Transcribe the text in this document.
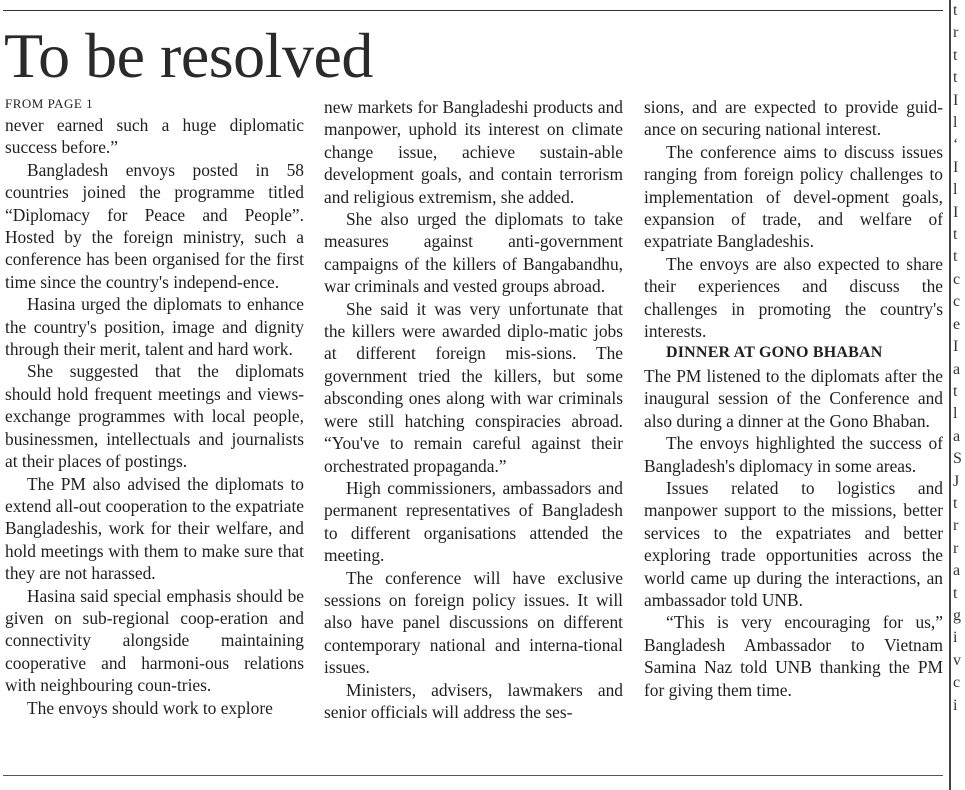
To be resolved
FROM PAGE 1

never earned such a huge diplomatic success before.”

Bangladesh envoys posted in 58 countries joined the programme titled “Diplomacy for Peace and People”. Hosted by the foreign ministry, such a conference has been organised for the first time since the country's independ-ence.

Hasina urged the diplomats to enhance the country's position, image and dignity through their merit, talent and hard work.

She suggested that the diplomats should hold frequent meetings and views-exchange programmes with local people, businessmen, intellectuals and journalists at their places of postings.

The PM also advised the diplomats to extend all-out cooperation to the expatriate Bangladeshis, work for their welfare, and hold meetings with them to make sure that they are not harassed.

Hasina said special emphasis should be given on sub-regional coop-eration and connectivity alongside maintaining cooperative and harmoni-ous relations with neighbouring coun-tries.

The envoys should work to explore

new markets for Bangladeshi products and manpower, uphold its interest on climate change issue, achieve sustain-able development goals, and contain terrorism and religious extremism, she added.

She also urged the diplomats to take measures against anti-government campaigns of the killers of Bangabandhu, war criminals and vested groups abroad.

She said it was very unfortunate that the killers were awarded diplo-matic jobs at different foreign mis-sions. The government tried the killers, but some absconding ones along with war criminals were still hatching conspiracies abroad. “You've to remain careful against their orchestrated propaganda.”

High commissioners, ambassadors and permanent representatives of Bangladesh to different organisations attended the meeting.

The conference will have exclusive sessions on foreign policy issues. It will also have panel discussions on different contemporary national and interna-tional issues.

Ministers, advisers, lawmakers and senior officials will address the ses-

sions, and are expected to provide guid-ance on securing national interest.

The conference aims to discuss issues ranging from foreign policy challenges to implementation of devel-opment goals, expansion of trade, and welfare of expatriate Bangladeshis.

The envoys are also expected to share their experiences and discuss the challenges in promoting the country's interests.

DINNER AT GONO BHABAN

The PM listened to the diplomats after the inaugural session of the Conference and also during a dinner at the Gono Bhaban.

The envoys highlighted the success of Bangladesh's diplomacy in some areas.

Issues related to logistics and manpower support to the missions, better services to the expatriates and better exploring trade opportunities across the world came up during the interactions, an ambassador told UNB.

“This is very encouraging for us,” Bangladesh Ambassador to Vietnam Samina Naz told UNB thanking the PM for giving them time.

t
r
t
t
I
l
‘
I
l
I
t
t
c
c
e
I
a
t
l
a
S
J
t
r
r
a
t
g
i
v
c
i
